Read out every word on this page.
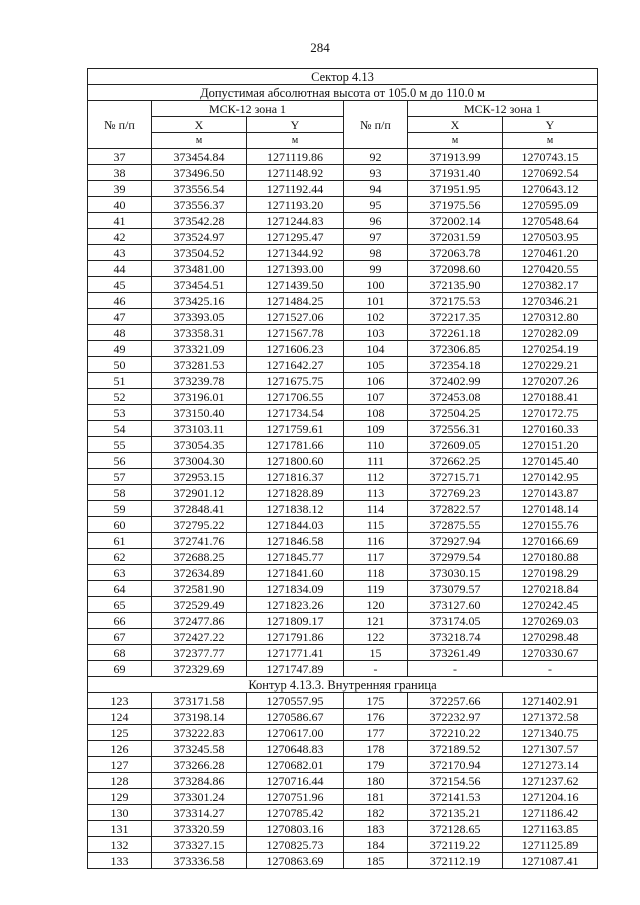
284
Сектор 4.13					
Допустимая абсолютная высота от 105.0 м до 110.0 м					
№ п/п	МСК-12 зона 1		№ п/п	МСК-12 зона 1	
	X	Y		X	Y
	м	м		м	м
37	373454.84	1271119.86	92	371913.99	1270743.15
38	373496.50	1271148.92	93	371931.40	1270692.54
39	373556.54	1271192.44	94	371951.95	1270643.12
40	373556.37	1271193.20	95	371975.56	1270595.09
41	373542.28	1271244.83	96	372002.14	1270548.64
42	373524.97	1271295.47	97	372031.59	1270503.95
43	373504.52	1271344.92	98	372063.78	1270461.20
44	373481.00	1271393.00	99	372098.60	1270420.55
45	373454.51	1271439.50	100	372135.90	1270382.17
46	373425.16	1271484.25	101	372175.53	1270346.21
47	373393.05	1271527.06	102	372217.35	1270312.80
48	373358.31	1271567.78	103	372261.18	1270282.09
49	373321.09	1271606.23	104	372306.85	1270254.19
50	373281.53	1271642.27	105	372354.18	1270229.21
51	373239.78	1271675.75	106	372402.99	1270207.26
52	373196.01	1271706.55	107	372453.08	1270188.41
53	373150.40	1271734.54	108	372504.25	1270172.75
54	373103.11	1271759.61	109	372556.31	1270160.33
55	373054.35	1271781.66	110	372609.05	1270151.20
56	373004.30	1271800.60	111	372662.25	1270145.40
57	372953.15	1271816.37	112	372715.71	1270142.95
58	372901.12	1271828.89	113	372769.23	1270143.87
59	372848.41	1271838.12	114	372822.57	1270148.14
60	372795.22	1271844.03	115	372875.55	1270155.76
61	372741.76	1271846.58	116	372927.94	1270166.69
62	372688.25	1271845.77	117	372979.54	1270180.88
63	372634.89	1271841.60	118	373030.15	1270198.29
64	372581.90	1271834.09	119	373079.57	1270218.84
65	372529.49	1271823.26	120	373127.60	1270242.45
66	372477.86	1271809.17	121	373174.05	1270269.03
67	372427.22	1271791.86	122	373218.74	1270298.48
68	372377.77	1271771.41	15	373261.49	1270330.67
69	372329.69	1271747.89	-	-	-
Контур 4.13.3. Внутренняя граница					
123	373171.58	1270557.95	175	372257.66	1271402.91
124	373198.14	1270586.67	176	372232.97	1271372.58
125	373222.83	1270617.00	177	372210.22	1271340.75
126	373245.58	1270648.83	178	372189.52	1271307.57
127	373266.28	1270682.01	179	372170.94	1271273.14
128	373284.86	1270716.44	180	372154.56	1271237.62
129	373301.24	1270751.96	181	372141.53	1271204.16
130	373314.27	1270785.42	182	372135.21	1271186.42
131	373320.59	1270803.16	183	372128.65	1271163.85
132	373327.15	1270825.73	184	372119.22	1271125.89
133	373336.58	1270863.69	185	372112.19	1271087.41
